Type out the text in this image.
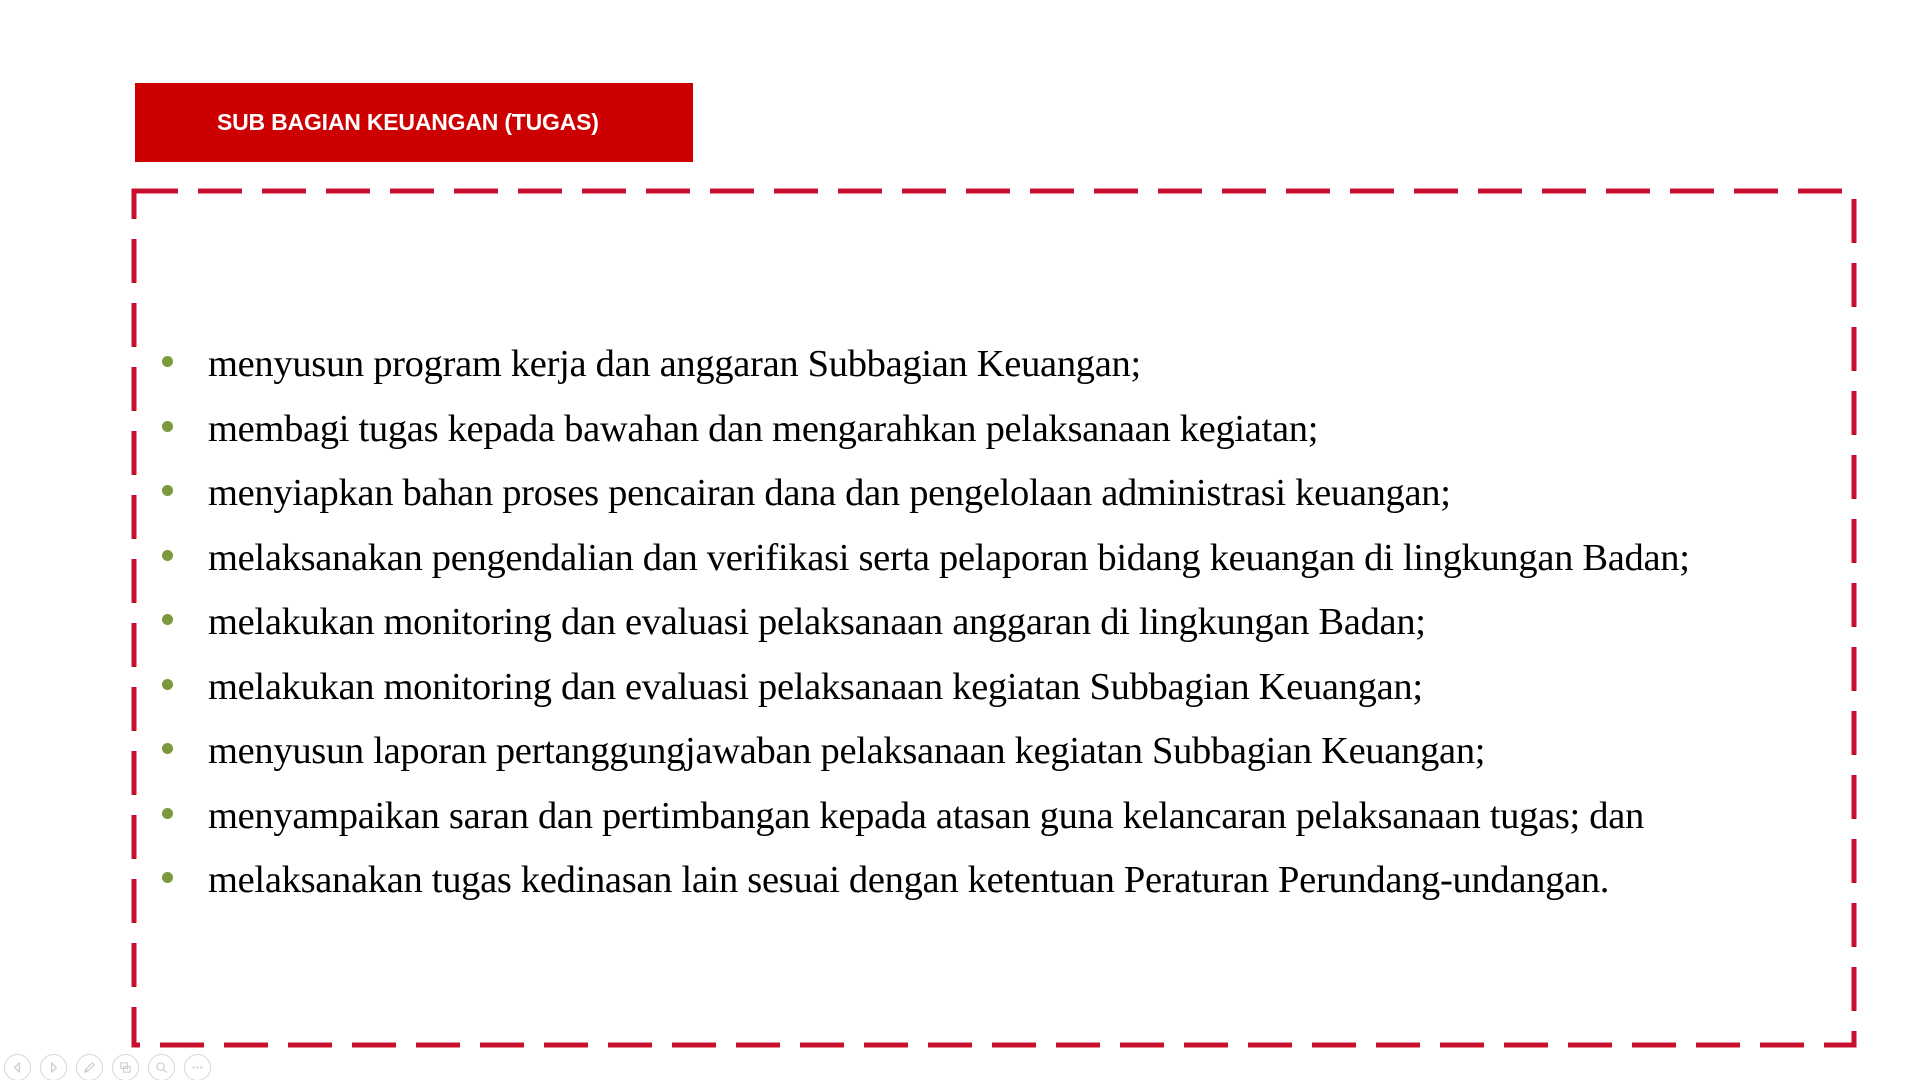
SUB BAGIAN KEUANGAN (TUGAS)
menyusun program kerja dan anggaran Subbagian Keuangan;
membagi tugas kepada bawahan dan mengarahkan pelaksanaan kegiatan;
menyiapkan bahan proses pencairan dana dan pengelolaan administrasi keuangan;
melaksanakan pengendalian dan verifikasi serta pelaporan bidang keuangan di lingkungan Badan;
melakukan monitoring dan evaluasi pelaksanaan anggaran di lingkungan Badan;
melakukan monitoring dan evaluasi pelaksanaan kegiatan Subbagian Keuangan;
menyusun laporan pertanggungjawaban pelaksanaan kegiatan Subbagian Keuangan;
menyampaikan saran dan pertimbangan kepada atasan guna kelancaran pelaksanaan tugas; dan
melaksanakan tugas kedinasan lain sesuai dengan ketentuan Peraturan Perundang-undangan.
